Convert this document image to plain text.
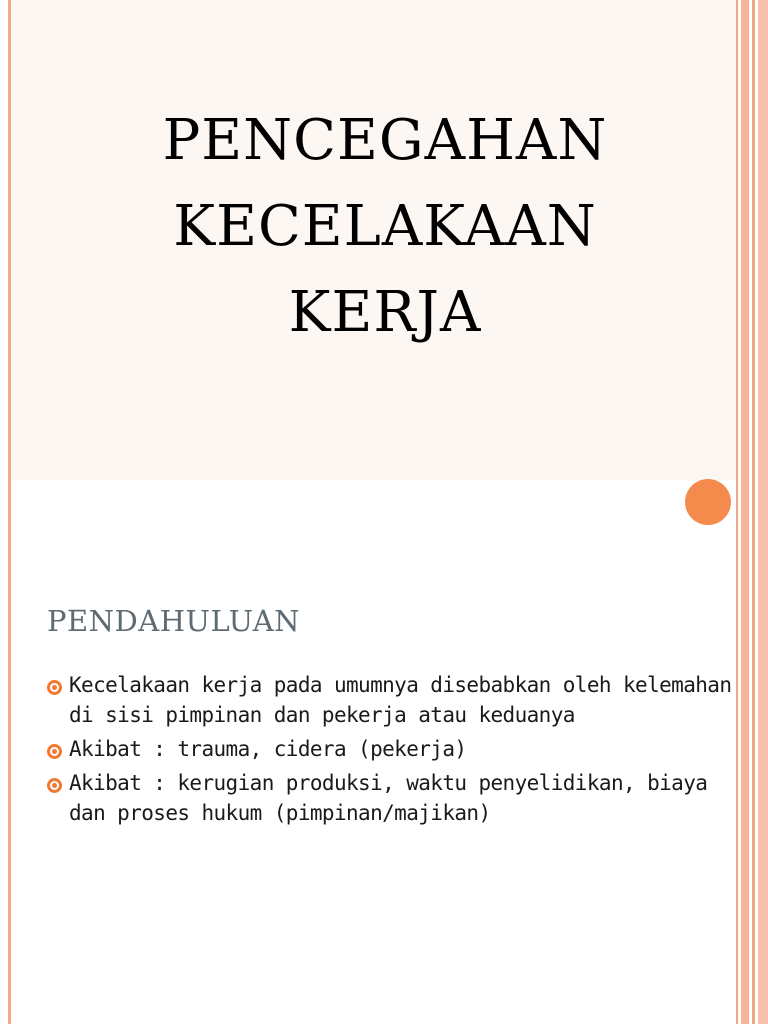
PENCEGAHAN
KECELAKAAN
KERJA
PENDAHULUAN
Kecelakaan kerja pada umumnya disebabkan oleh kelemahan di sisi pimpinan dan pekerja atau keduanya
Akibat : trauma, cidera (pekerja)
Akibat : kerugian produksi, waktu penyelidikan, biaya dan proses hukum (pimpinan/majikan)
